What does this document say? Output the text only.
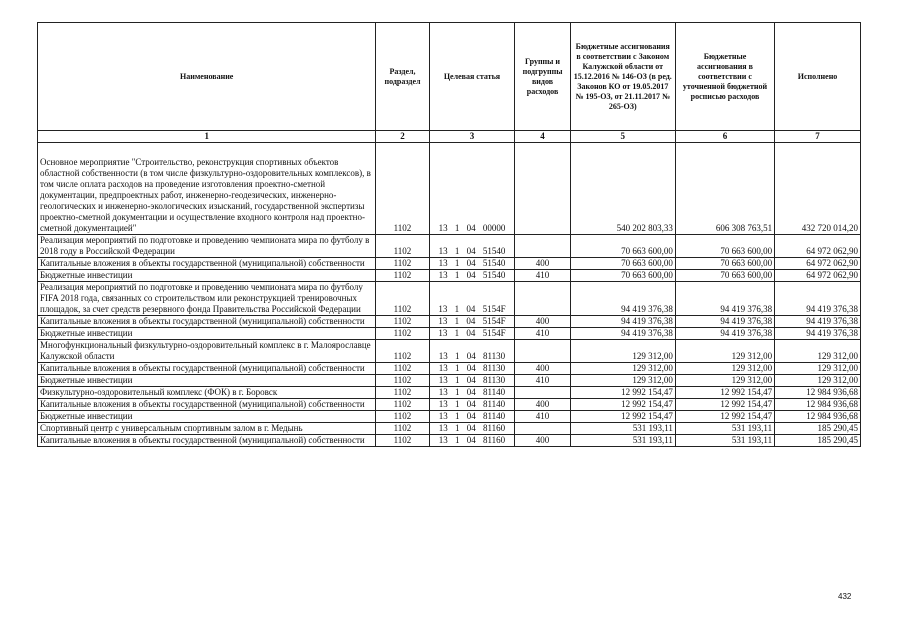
Наименование	Раздел, подраздел	Целевая статья	Группы и подгруппы видов расходов	Бюджетные ассигнования в соответствии с Законом Калужской области от 15.12.2016 № 146-ОЗ (в ред. Законов КО от 19.05.2017 № 195-ОЗ, от 21.11.2017 № 265-ОЗ)	Бюджетные ассигнования в соответствии с уточненной бюджетной росписью расходов	Исполнено
1	2	3	4	5	6	7
Основное мероприятие "Строительство, реконструкция спортивных объектов областной собственности (в том числе физкультурно-оздоровительных комплексов), в том числе оплата расходов на проведение изготовления проектно-сметной документации, предпроектных работ, инженерно-геодезических, инженерно-геологических и инженерно-экологических изысканий, государственной экспертизы проектно-сметной документации и осуществление входного контроля над проектно-сметной документацией"	1102	13 1 04 00000		540 202 803,33	606 308 763,51	432 720 014,20
Реализация мероприятий по подготовке и проведению чемпионата мира по футболу в 2018 году в Российской Федерации	1102	13 1 04 51540		70 663 600,00	70 663 600,00	64 972 062,90
Капитальные вложения в объекты государственной (муниципальной) собственности	1102	13 1 04 51540	400	70 663 600,00	70 663 600,00	64 972 062,90
Бюджетные инвестиции	1102	13 1 04 51540	410	70 663 600,00	70 663 600,00	64 972 062,90
Реализация мероприятий по подготовке и проведению чемпионата мира по футболу FIFA 2018 года, связанных со строительством или реконструкцией тренировочных площадок, за счет средств резервного фонда Правительства Российской Федерации	1102	13 1 04 5154F		94 419 376,38	94 419 376,38	94 419 376,38
Капитальные вложения в объекты государственной (муниципальной) собственности	1102	13 1 04 5154F	400	94 419 376,38	94 419 376,38	94 419 376,38
Бюджетные инвестиции	1102	13 1 04 5154F	410	94 419 376,38	94 419 376,38	94 419 376,38
Многофункциональный физкультурно-оздоровительный комплекс в г. Малоярославце Калужской области	1102	13 1 04 81130		129 312,00	129 312,00	129 312,00
Капитальные вложения в объекты государственной (муниципальной) собственности	1102	13 1 04 81130	400	129 312,00	129 312,00	129 312,00
Бюджетные инвестиции	1102	13 1 04 81130	410	129 312,00	129 312,00	129 312,00
Физкультурно-оздоровительный комплекс (ФОК) в г. Боровск	1102	13 1 04 81140		12 992 154,47	12 992 154,47	12 984 936,68
Капитальные вложения в объекты государственной (муниципальной) собственности	1102	13 1 04 81140	400	12 992 154,47	12 992 154,47	12 984 936,68
Бюджетные инвестиции	1102	13 1 04 81140	410	12 992 154,47	12 992 154,47	12 984 936,68
Спортивный центр с универсальным спортивным залом в г. Медынь	1102	13 1 04 81160		531 193,11	531 193,11	185 290,45
Капитальные вложения в объекты государственной (муниципальной) собственности	1102	13 1 04 81160	400	531 193,11	531 193,11	185 290,45
432
